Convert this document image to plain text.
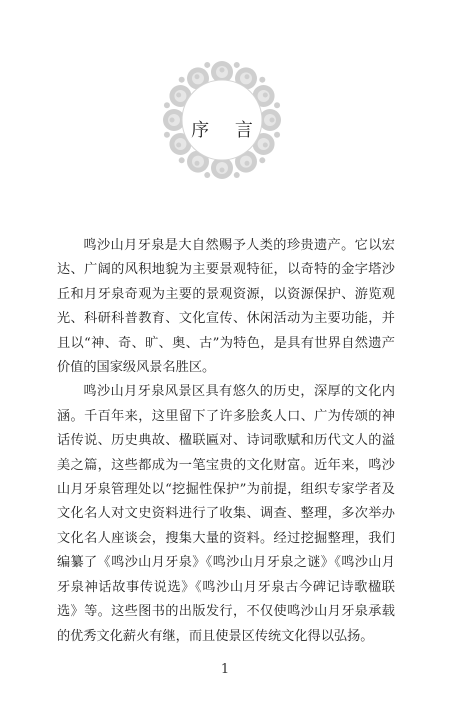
序 言

鸣沙山月牙泉是大自然赐予人类的珍贵遗产。它以宏达、广阔的风积地貌为主要景观特征，以奇特的金字塔沙丘和月牙泉奇观为主要的景观资源，以资源保护、游览观光、科研科普教育、文化宣传、休闲活动为主要功能，并且以“神、奇、旷、奥、古”为特色，是具有世界自然遗产价值的国家级风景名胜区。

鸣沙山月牙泉风景区具有悠久的历史，深厚的文化内涵。千百年来，这里留下了许多脍炙人口、广为传颂的神话传说、历史典故、楹联匾对、诗词歌赋和历代文人的溢美之篇，这些都成为一笔宝贵的文化财富。近年来，鸣沙山月牙泉管理处以“挖掘性保护”为前提，组织专家学者及文化名人对文史资料进行了收集、调查、整理，多次举办文化名人座谈会，搜集大量的资料。经过挖掘整理，我们编纂了《鸣沙山月牙泉》《鸣沙山月牙泉之谜》《鸣沙山月牙泉神话故事传说选》《鸣沙山月牙泉古今碑记诗歌楹联选》等。这些图书的出版发行，不仅使鸣沙山月牙泉承载的优秀文化薪火有继，而且使景区传统文化得以弘扬。

1
